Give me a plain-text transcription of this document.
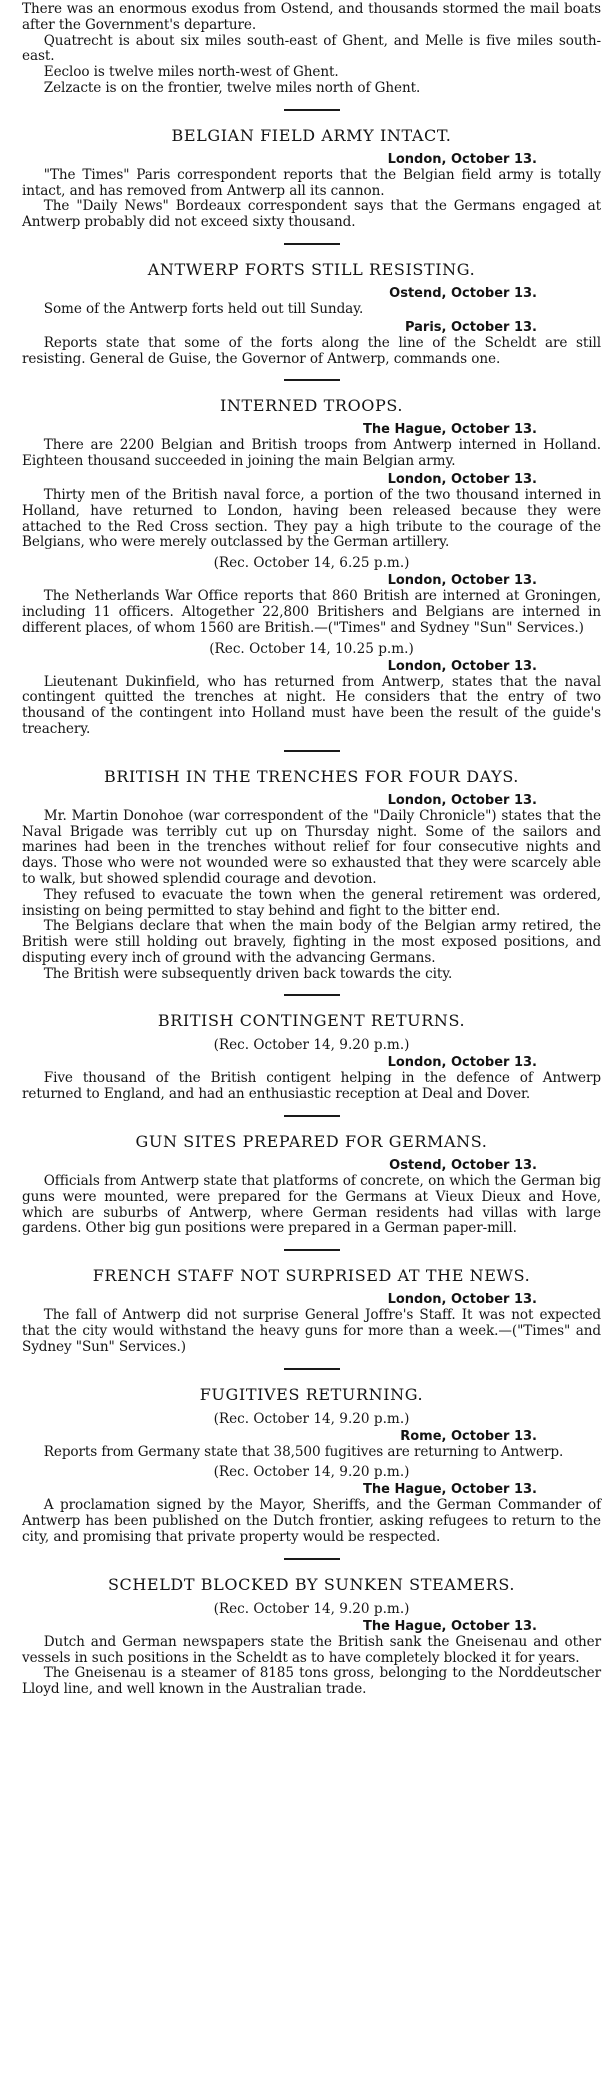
There was an enormous exodus from Ostend, and thousands stormed the mail boats after the Government's departure.

Quatrecht is about six miles south-east of Ghent, and Melle is five miles south-east.

Eecloo is twelve miles north-west of Ghent.

Zelzacte is on the frontier, twelve miles north of Ghent.

BELGIAN FIELD ARMY INTACT.
London, October 13.

"The Times" Paris correspondent reports that the Belgian field army is totally intact, and has removed from Antwerp all its cannon.

The "Daily News" Bordeaux correspondent says that the Germans engaged at Antwerp probably did not exceed sixty thousand.

ANTWERP FORTS STILL RESISTING.
Ostend, October 13.

Some of the Antwerp forts held out till Sunday.

Paris, October 13.

Reports state that some of the forts along the line of the Scheldt are still resisting. General de Guise, the Governor of Antwerp, commands one.

INTERNED TROOPS.
The Hague, October 13.

There are 2200 Belgian and British troops from Antwerp interned in Holland. Eighteen thousand succeeded in joining the main Belgian army.

London, October 13.

Thirty men of the British naval force, a portion of the two thousand interned in Holland, have returned to London, having been released because they were attached to the Red Cross section. They pay a high tribute to the courage of the Belgians, who were merely outclassed by the German artillery.

(Rec. October 14, 6.25 p.m.)
London, October 13.

The Netherlands War Office reports that 860 British are interned at Groningen, including 11 officers. Altogether 22,800 Britishers and Belgians are interned in different places, of whom 1560 are British.—("Times" and Sydney "Sun" Services.)

(Rec. October 14, 10.25 p.m.)
London, October 13.

Lieutenant Dukinfield, who has returned from Antwerp, states that the naval contingent quitted the trenches at night. He considers that the entry of two thousand of the contingent into Holland must have been the result of the guide's treachery.

BRITISH IN THE TRENCHES FOR FOUR DAYS.
London, October 13.

Mr. Martin Donohoe (war correspondent of the "Daily Chronicle") states that the Naval Brigade was terribly cut up on Thursday night. Some of the sailors and marines had been in the trenches without relief for four consecutive nights and days. Those who were not wounded were so exhausted that they were scarcely able to walk, but showed splendid courage and devotion.

They refused to evacuate the town when the general retirement was ordered, insisting on being permitted to stay behind and fight to the bitter end.

The Belgians declare that when the main body of the Belgian army retired, the British were still holding out bravely, fighting in the most exposed positions, and disputing every inch of ground with the advancing Germans.

The British were subsequently driven back towards the city.

BRITISH CONTINGENT RETURNS.
(Rec. October 14, 9.20 p.m.)
London, October 13.

Five thousand of the British contigent helping in the defence of Antwerp returned to England, and had an enthusiastic reception at Deal and Dover.

GUN SITES PREPARED FOR GERMANS.
Ostend, October 13.

Officials from Antwerp state that platforms of concrete, on which the German big guns were mounted, were prepared for the Germans at Vieux Dieux and Hove, which are suburbs of Antwerp, where German residents had villas with large gardens. Other big gun positions were prepared in a German paper-mill.

FRENCH STAFF NOT SURPRISED AT THE NEWS.
London, October 13.

The fall of Antwerp did not surprise General Joffre's Staff. It was not expected that the city would withstand the heavy guns for more than a week.—("Times" and Sydney "Sun" Services.)

FUGITIVES RETURNING.
(Rec. October 14, 9.20 p.m.)
Rome, October 13.

Reports from Germany state that 38,500 fugitives are returning to Antwerp.

(Rec. October 14, 9.20 p.m.)
The Hague, October 13.

A proclamation signed by the Mayor, Sheriffs, and the German Commander of Antwerp has been published on the Dutch frontier, asking refugees to return to the city, and promising that private property would be respected.

SCHELDT BLOCKED BY SUNKEN STEAMERS.
(Rec. October 14, 9.20 p.m.)
The Hague, October 13.

Dutch and German newspapers state the British sank the Gneisenau and other vessels in such positions in the Scheldt as to have completely blocked it for years.

The Gneisenau is a steamer of 8185 tons gross, belonging to the Norddeutscher Lloyd line, and well known in the Australian trade.
